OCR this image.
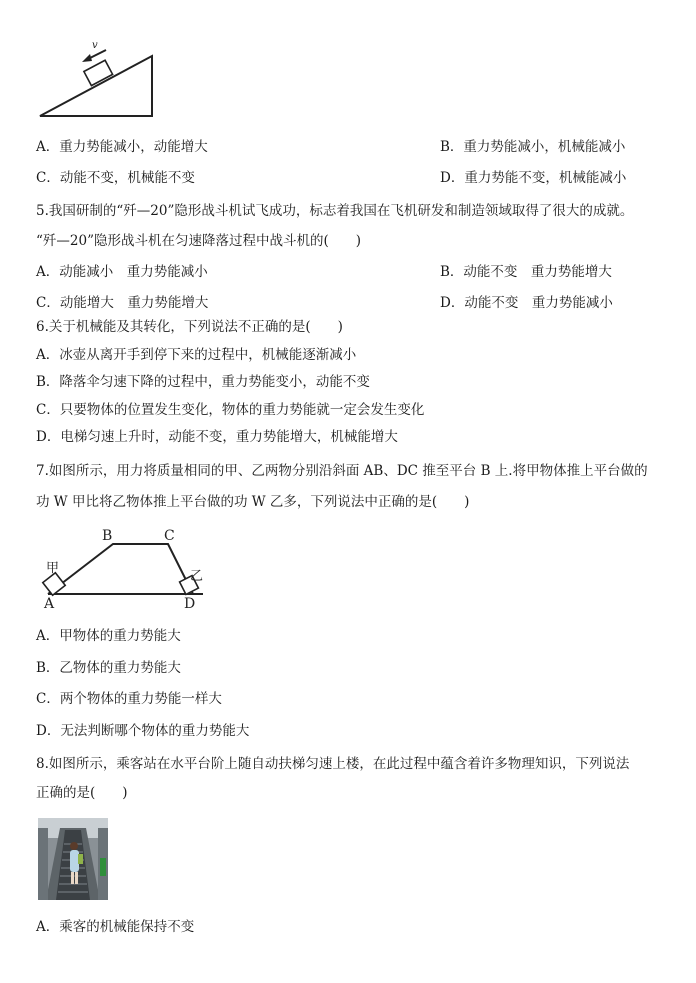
v
A．重力势能减小，动能增大	B．重力势能减小，机械能减小
C．动能不变，机械能不变	D．重力势能不变，机械能减小
5.我国研制的“歼—20”隐形战斗机试飞成功，标志着我国在飞机研发和制造领域取得了很大的成就。
“歼—20”隐形战斗机在匀速降落过程中战斗机的(　　)
A．动能减小　重力势能减小	B．动能不变　重力势能增大
C．动能增大　重力势能增大	D．动能不变　重力势能减小
6.关于机械能及其转化，下列说法不正确的是(　　)
A．冰壶从离开手到停下来的过程中，机械能逐渐减小
B．降落伞匀速下降的过程中，重力势能变小，动能不变
C．只要物体的位置发生变化，物体的重力势能就一定会发生变化
D．电梯匀速上升时，动能不变，重力势能增大，机械能增大
7.如图所示，用力将质量相同的甲、乙两物分别沿斜面 AB、DC 推至平台 B 上.将甲物体推上平台做的
功 W 甲比将乙物体推上平台做的功 W 乙多，下列说法中正确的是(　　)
B	C
A	D
甲
乙
A．甲物体的重力势能大
B．乙物体的重力势能大
C．两个物体的重力势能一样大
D．无法判断哪个物体的重力势能大
8.如图所示，乘客站在水平台阶上随自动扶梯匀速上楼，在此过程中蕴含着许多物理知识，下列说法
正确的是(　　)
A．乘客的机械能保持不变
